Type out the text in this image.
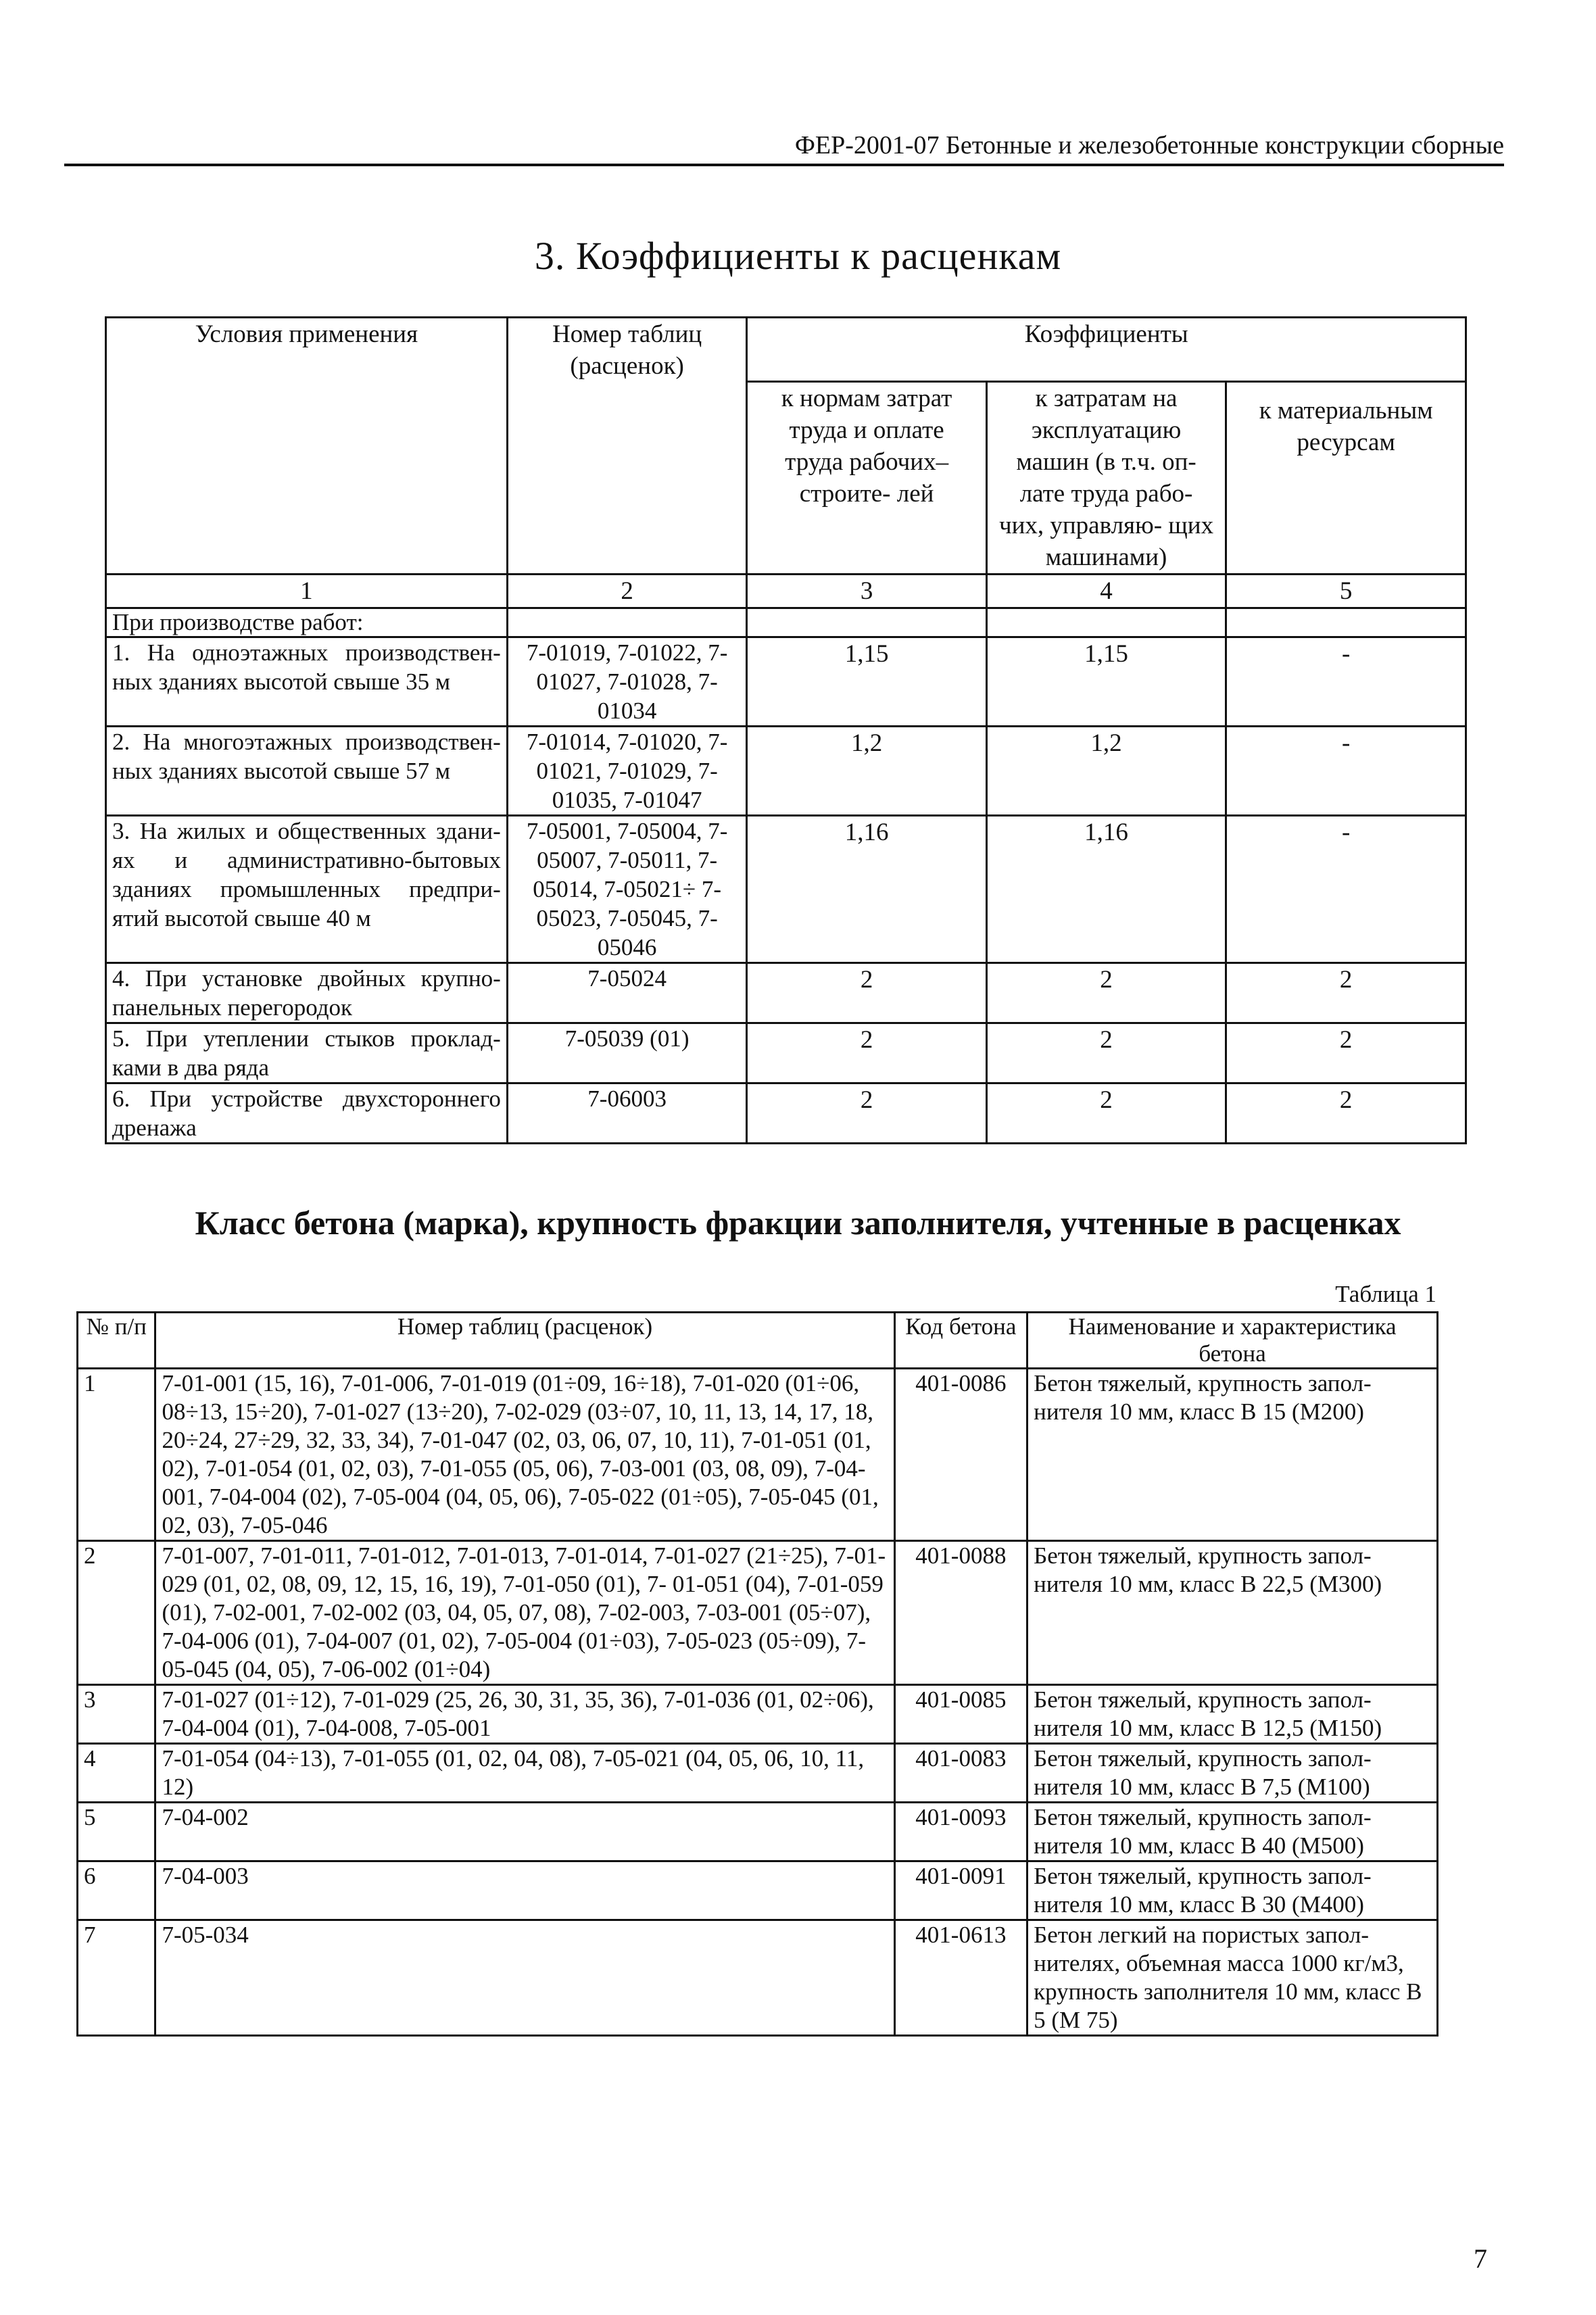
ФЕР-2001-07 Бетонные и железобетонные конструкции сборные
3. Коэффициенты к расценкам
Условия применения	Номер таблиц (расценок)	Коэффициенты		
		к нормам затрат труда и оплате труда рабочих–строите- лей	к затратам на эксплуатацию машин (в т.ч. оп- лате труда рабо- чих, управляю- щих машинами)	к материальным ресурсам
1	2	3	4	5
При производстве работ:				
1. На одноэтажных производствен- ных зданиях высотой свыше 35 м	7-01019, 7-01022, 7-01027, 7-01028, 7-01034	1,15	1,15	-
2. На многоэтажных производствен- ных зданиях высотой свыше 57 м	7-01014, 7-01020, 7-01021, 7-01029, 7-01035, 7-01047	1,2	1,2	-
3. На жилых и общественных здани- ях и административно-бытовых зданиях промышленных предпри- ятий высотой свыше 40 м	7-05001, 7-05004, 7- 05007, 7-05011, 7- 05014, 7-05021÷ 7- 05023, 7-05045, 7- 05046	1,16	1,16	-
4. При установке двойных крупно- панельных перегородок	7-05024	2	2	2
5. При утеплении стыков проклад- ками в два ряда	7-05039 (01)	2	2	2
6. При устройстве двухстороннего дренажа	7-06003	2	2	2
Класс бетона (марка), крупность фракции заполнителя, учтенные в расценках
Таблица 1
№ п/п	Номер таблиц (расценок)	Код бетона	Наименование и характеристика бетона
1	7-01-001 (15, 16), 7-01-006, 7-01-019 (01÷09, 16÷18), 7-01-020 (01÷06, 08÷13, 15÷20), 7-01-027 (13÷20), 7-02-029 (03÷07, 10, 11, 13, 14, 17, 18, 20÷24, 27÷29, 32, 33, 34), 7-01-047 (02, 03, 06, 07, 10, 11), 7-01-051 (01, 02), 7-01-054 (01, 02, 03), 7-01-055 (05, 06), 7-03-001 (03, 08, 09), 7-04-001, 7-04-004 (02), 7-05-004 (04, 05, 06), 7-05-022 (01÷05), 7-05-045 (01, 02, 03), 7-05-046	401-0086	Бетон тяжелый, крупность запол- нителя 10 мм, класс В 15 (М200)
2	7-01-007, 7-01-011, 7-01-012, 7-01-013, 7-01-014, 7-01-027 (21÷25), 7-01-029 (01, 02, 08, 09, 12, 15, 16, 19), 7-01-050 (01), 7- 01-051 (04), 7-01-059 (01), 7-02-001, 7-02-002 (03, 04, 05, 07, 08), 7-02-003, 7-03-001 (05÷07), 7-04-006 (01), 7-04-007 (01, 02), 7-05-004 (01÷03), 7-05-023 (05÷09), 7-05-045 (04, 05), 7-06-002 (01÷04)	401-0088	Бетон тяжелый, крупность запол- нителя 10 мм, класс В 22,5 (М300)
3	7-01-027 (01÷12), 7-01-029 (25, 26, 30, 31, 35, 36), 7-01-036 (01, 02÷06), 7-04-004 (01), 7-04-008, 7-05-001	401-0085	Бетон тяжелый, крупность запол- нителя 10 мм, класс В 12,5 (М150)
4	7-01-054 (04÷13), 7-01-055 (01, 02, 04, 08), 7-05-021 (04, 05, 06, 10, 11, 12)	401-0083	Бетон тяжелый, крупность запол- нителя 10 мм, класс В 7,5 (М100)
5	7-04-002	401-0093	Бетон тяжелый, крупность запол- нителя 10 мм, класс В 40 (М500)
6	7-04-003	401-0091	Бетон тяжелый, крупность запол- нителя 10 мм, класс В 30 (М400)
7	7-05-034	401-0613	Бетон легкий на пористых запол- нителях, объемная масса 1000 кг/м3, крупность заполнителя 10 мм, класс В 5 (М 75)
7
